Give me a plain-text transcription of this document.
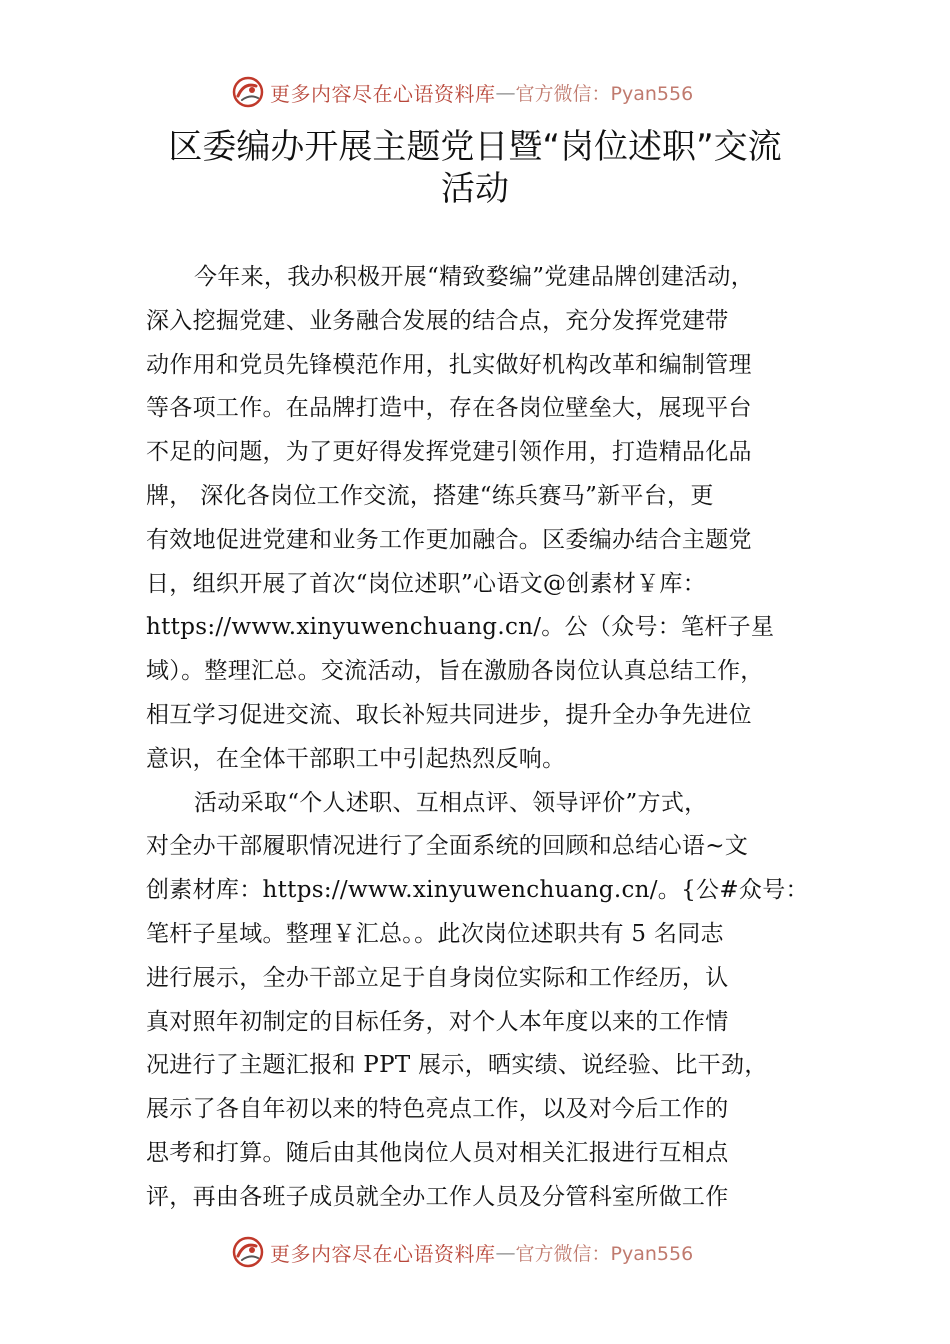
更多内容尽在心语资料库 — 官方微信：Pyan556
区委编办开展主题党日暨“岗位述职”交流
活动
今年来，我办积极开展“精致婺编”党建品牌创建活动，
深入挖掘党建、业务融合发展的结合点，充分发挥党建带
动作用和党员先锋模范作用，扎实做好机构改革和编制管理
等各项工作。在品牌打造中，存在各岗位壁垒大，展现平台
不足的问题，为了更好得发挥党建引领作用，打造精品化品
牌， 深化各岗位工作交流，搭建“练兵赛马”新平台，更
有效地促进党建和业务工作更加融合。区委编办结合主题党
日，组织开展了首次“岗位述职”心语文@创素材￥库：
https://www.xinyuwenchuang.cn/。公（众号：笔杆子星
域）。整理汇总。交流活动，旨在激励各岗位认真总结工作，
相互学习促进交流、取长补短共同进步，提升全办争先进位
意识，在全体干部职工中引起热烈反响。
活动采取“个人述职、互相点评、领导评价”方式，
对全办干部履职情况进行了全面系统的回顾和总结心语~文
创素材库：https://www.xinyuwenchuang.cn/。{公#众号：
笔杆子星域。整理￥汇总。。此次岗位述职共有 5 名同志
进行展示，全办干部立足于自身岗位实际和工作经历，认
真对照年初制定的目标任务，对个人本年度以来的工作情
况进行了主题汇报和 PPT 展示，晒实绩、说经验、比干劲，
展示了各自年初以来的特色亮点工作，以及对今后工作的
思考和打算。随后由其他岗位人员对相关汇报进行互相点
评，再由各班子成员就全办工作人员及分管科室所做工作
更多内容尽在心语资料库 — 官方微信：Pyan556
